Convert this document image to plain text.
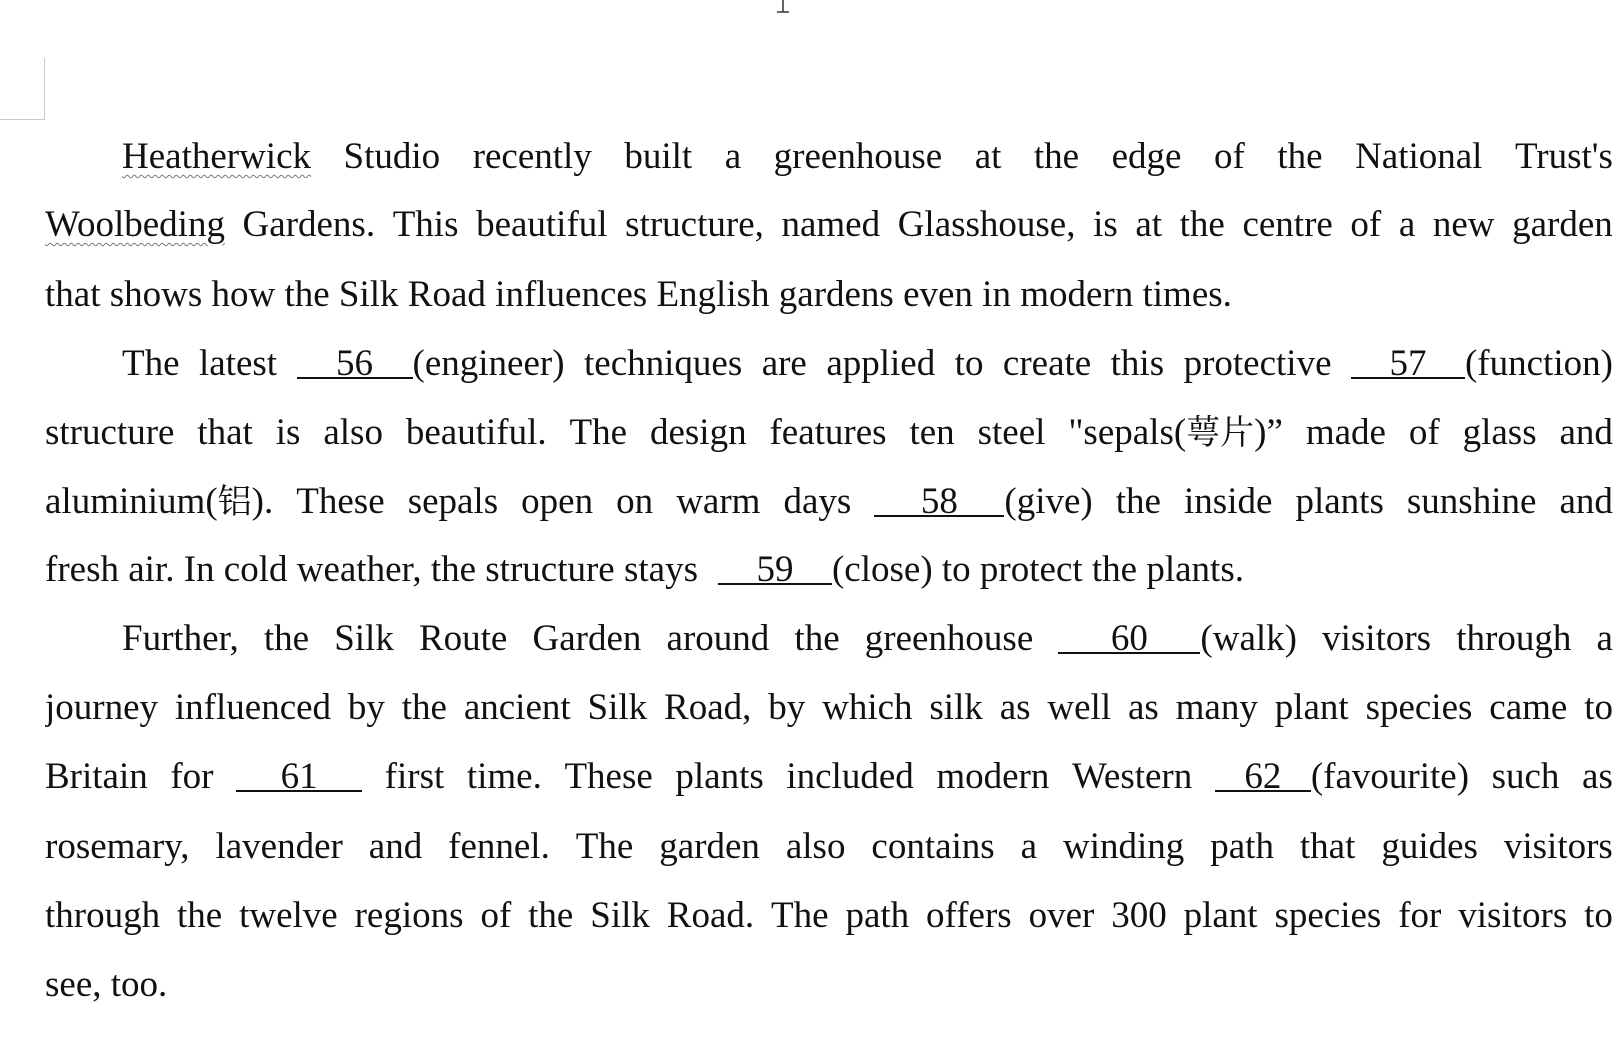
Heatherwick Studio recently built a greenhouse at the edge of the National Trust's
Woolbeding Gardens. This beautiful structure, named Glasshouse, is at the centre of a new garden
that shows how the Silk Road influences English gardens even in modern times.
The latest	56	(engineer) techniques are applied to create this protective	57	(function)
structure that is also beautiful. The design features ten steel "sepals(萼片)” made of glass and
aluminium(铝). These sepals open on warm days	58	(give) the inside plants sunshine and
fresh air. In cold weather, the structure stays	59	(close) to protect the plants.
Further, the Silk Route Garden around the greenhouse	60	(walk) visitors through a
journey influenced by the ancient Silk Road, by which silk as well as many plant species came to
Britain for	61	first time. These plants included modern Western	62 (favourite) such as
rosemary, lavender and fennel. The garden also contains a winding path that guides visitors
through the twelve regions of the Silk Road. The path offers over 300 plant species for visitors to
see, too.
